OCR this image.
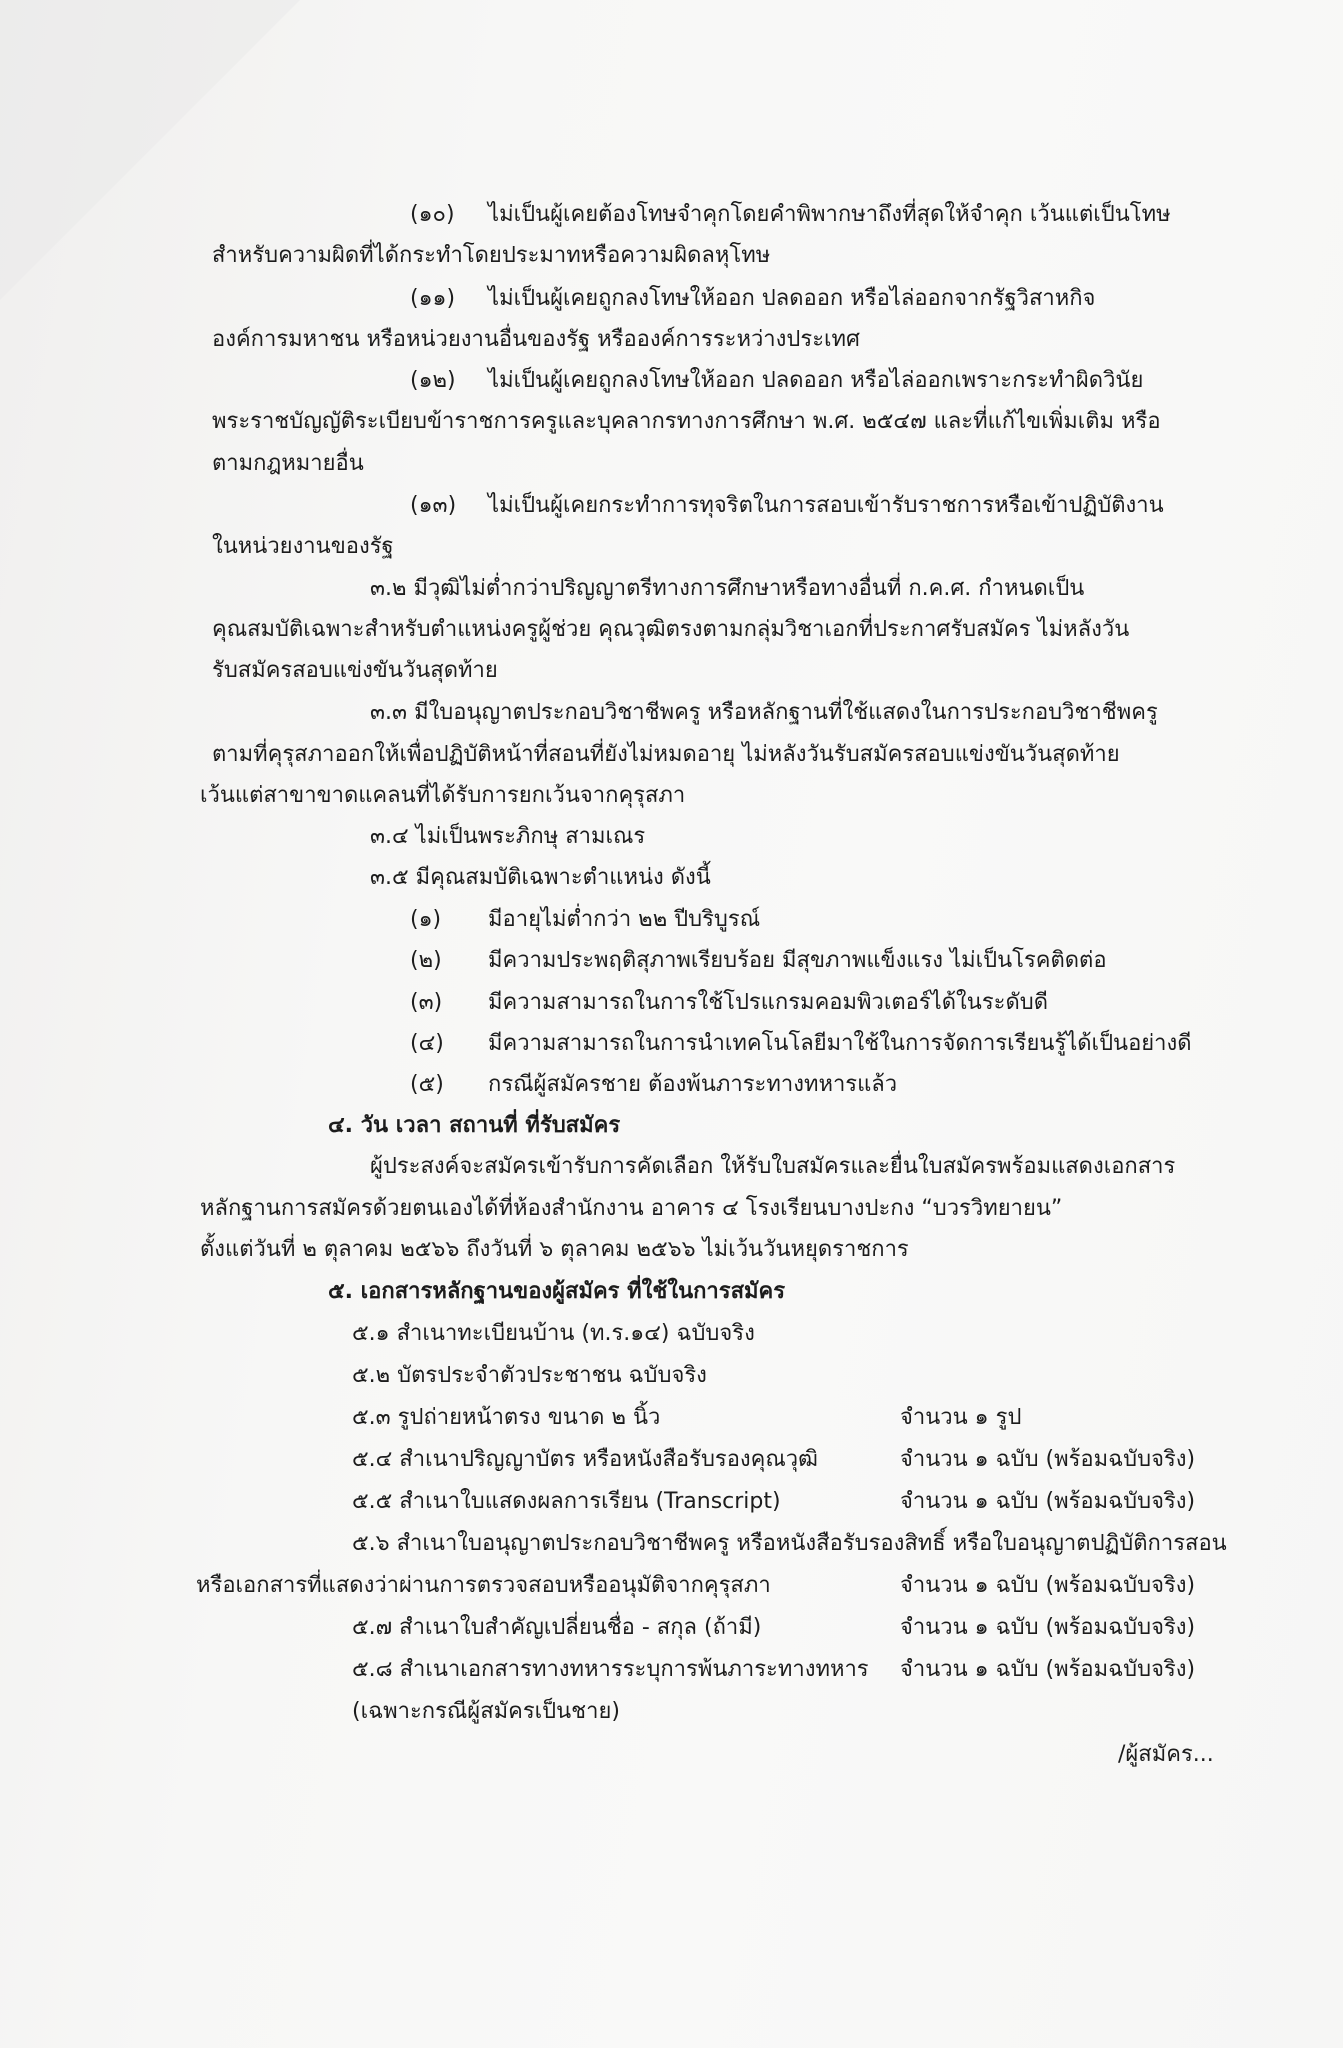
(๑๐) ไม่เป็นผู้เคยต้องโทษจำคุกโดยคำพิพากษาถึงที่สุดให้จำคุก เว้นแต่เป็นโทษ
สำหรับความผิดที่ได้กระทำโดยประมาทหรือความผิดลหุโทษ
(๑๑) ไม่เป็นผู้เคยถูกลงโทษให้ออก ปลดออก หรือไล่ออกจากรัฐวิสาหกิจ
องค์การมหาชน หรือหน่วยงานอื่นของรัฐ หรือองค์การระหว่างประเทศ
(๑๒) ไม่เป็นผู้เคยถูกลงโทษให้ออก ปลดออก หรือไล่ออกเพราะกระทำผิดวินัย
พระราชบัญญัติระเบียบข้าราชการครูและบุคลากรทางการศึกษา พ.ศ. ๒๕๔๗ และที่แก้ไขเพิ่มเติม หรือ
ตามกฎหมายอื่น
(๑๓) ไม่เป็นผู้เคยกระทำการทุจริตในการสอบเข้ารับราชการหรือเข้าปฏิบัติงาน
ในหน่วยงานของรัฐ
๓.๒ มีวุฒิไม่ต่ำกว่าปริญญาตรีทางการศึกษาหรือทางอื่นที่ ก.ค.ศ. กำหนดเป็น
คุณสมบัติเฉพาะสำหรับตำแหน่งครูผู้ช่วย คุณวุฒิตรงตามกลุ่มวิชาเอกที่ประกาศรับสมัคร ไม่หลังวัน
รับสมัครสอบแข่งขันวันสุดท้าย
๓.๓ มีใบอนุญาตประกอบวิชาชีพครู หรือหลักฐานที่ใช้แสดงในการประกอบวิชาชีพครู
ตามที่คุรุสภาออกให้เพื่อปฏิบัติหน้าที่สอนที่ยังไม่หมดอายุ ไม่หลังวันรับสมัครสอบแข่งขันวันสุดท้าย
เว้นแต่สาขาขาดแคลนที่ได้รับการยกเว้นจากคุรุสภา
๓.๔ ไม่เป็นพระภิกษุ สามเณร
๓.๕ มีคุณสมบัติเฉพาะตำแหน่ง ดังนี้
(๑) มีอายุไม่ต่ำกว่า ๒๒ ปีบริบูรณ์
(๒) มีความประพฤติสุภาพเรียบร้อย มีสุขภาพแข็งแรง ไม่เป็นโรคติดต่อ
(๓) มีความสามารถในการใช้โปรแกรมคอมพิวเตอร์ได้ในระดับดี
(๔) มีความสามารถในการนำเทคโนโลยีมาใช้ในการจัดการเรียนรู้ได้เป็นอย่างดี
(๕) กรณีผู้สมัครชาย ต้องพ้นภาระทางทหารแล้ว
๔. วัน เวลา สถานที่ ที่รับสมัคร
ผู้ประสงค์จะสมัครเข้ารับการคัดเลือก ให้รับใบสมัครและยื่นใบสมัครพร้อมแสดงเอกสาร
หลักฐานการสมัครด้วยตนเองได้ที่ห้องสำนักงาน อาคาร ๔ โรงเรียนบางปะกง “บวรวิทยายน”
ตั้งแต่วันที่ ๒ ตุลาคม ๒๕๖๖ ถึงวันที่ ๖ ตุลาคม ๒๕๖๖ ไม่เว้นวันหยุดราชการ
๕. เอกสารหลักฐานของผู้สมัคร ที่ใช้ในการสมัคร
๕.๑ สำเนาทะเบียนบ้าน (ท.ร.๑๔) ฉบับจริง
๕.๒ บัตรประจำตัวประชาชน ฉบับจริง
๕.๓ รูปถ่ายหน้าตรง ขนาด ๒ นิ้ว	จำนวน ๑ รูป
๕.๔ สำเนาปริญญาบัตร หรือหนังสือรับรองคุณวุฒิ	จำนวน ๑ ฉบับ (พร้อมฉบับจริง)
๕.๕ สำเนาใบแสดงผลการเรียน (Transcript)	จำนวน ๑ ฉบับ (พร้อมฉบับจริง)
๕.๖ สำเนาใบอนุญาตประกอบวิชาชีพครู หรือหนังสือรับรองสิทธิ์ หรือใบอนุญาตปฏิบัติการสอน
หรือเอกสารที่แสดงว่าผ่านการตรวจสอบหรืออนุมัติจากคุรุสภา	จำนวน ๑ ฉบับ (พร้อมฉบับจริง)
๕.๗ สำเนาใบสำคัญเปลี่ยนชื่อ - สกุล (ถ้ามี)	จำนวน ๑ ฉบับ (พร้อมฉบับจริง)
๕.๘ สำเนาเอกสารทางทหารระบุการพ้นภาระทางทหาร จำนวน ๑ ฉบับ (พร้อมฉบับจริง)
(เฉพาะกรณีผู้สมัครเป็นชาย)
/ผู้สมัคร...
